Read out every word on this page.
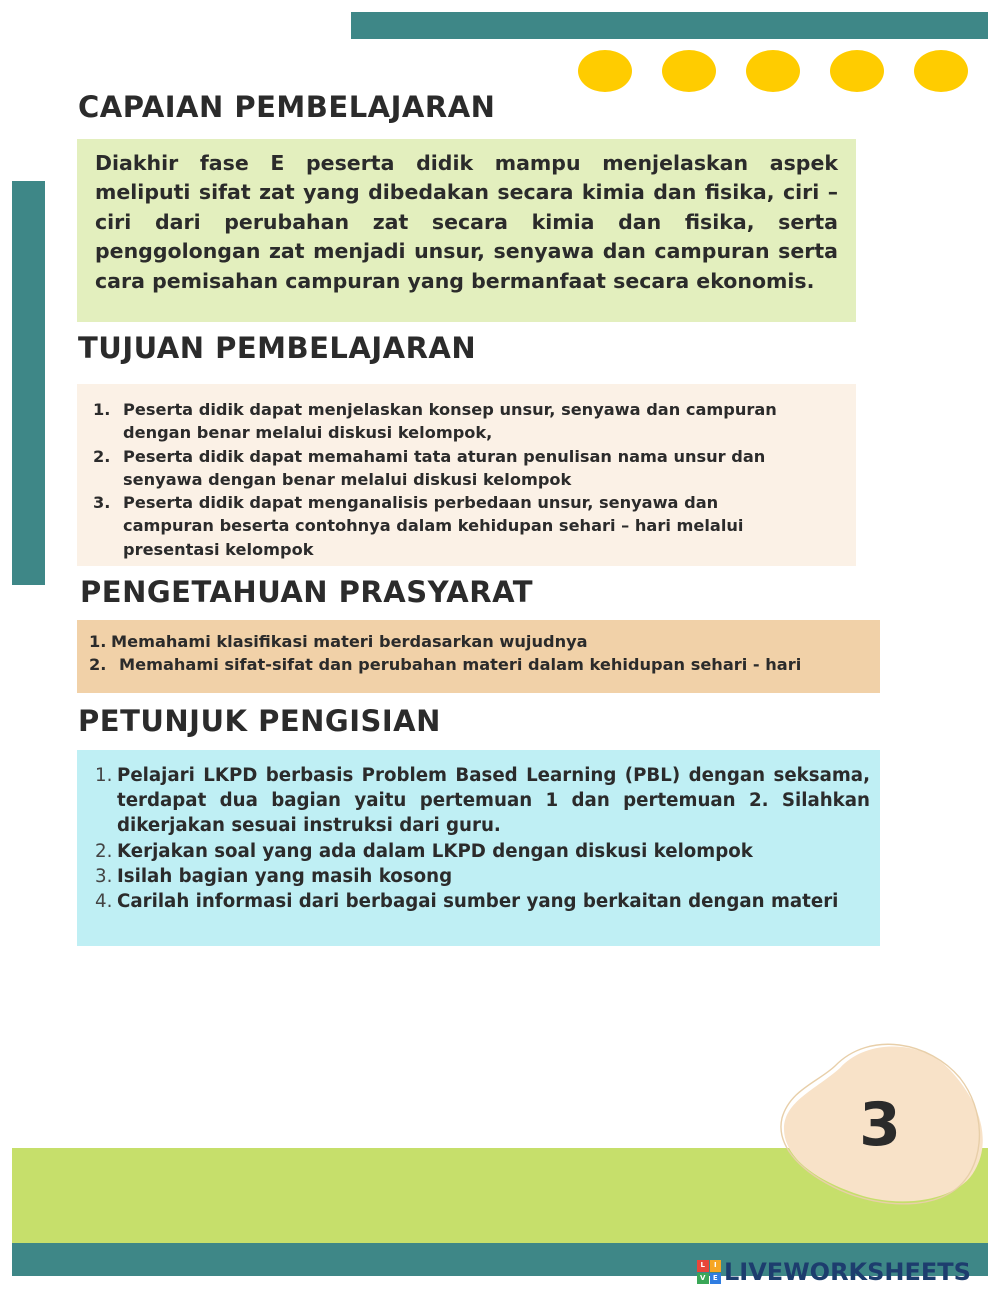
CAPAIAN PEMBELAJARAN
Diakhir fase E peserta didik mampu menjelaskan aspek meliputi sifat zat yang dibedakan secara kimia dan fisika, ciri – ciri dari perubahan zat secara kimia dan fisika, serta penggolongan zat menjadi unsur, senyawa dan campuran serta cara pemisahan campuran yang bermanfaat secara ekonomis.
TUJUAN PEMBELAJARAN
1. Peserta didik dapat menjelaskan konsep unsur, senyawa dan campuran
dengan benar melalui diskusi kelompok,
2. Peserta didik dapat memahami tata aturan penulisan nama unsur dan
senyawa dengan benar melalui diskusi kelompok
3. Peserta didik dapat menganalisis perbedaan unsur, senyawa dan
campuran beserta contohnya dalam kehidupan sehari – hari melalui
presentasi kelompok
PENGETAHUAN PRASYARAT
1. Memahami klasifikasi materi berdasarkan wujudnya
2. Memahami sifat-sifat dan perubahan materi dalam kehidupan sehari - hari
PETUNJUK PENGISIAN
1. Pelajari LKPD berbasis Problem Based Learning (PBL) dengan seksama, terdapat dua bagian yaitu pertemuan 1 dan pertemuan 2. Silahkan dikerjakan sesuai instruksi dari guru.
2. Kerjakan soal yang ada dalam LKPD dengan diskusi kelompok
3. Isilah bagian yang masih kosong
4. Carilah informasi dari berbagai sumber yang berkaitan dengan materi
3
L	I
V	E LIVEWORKSHEETS
